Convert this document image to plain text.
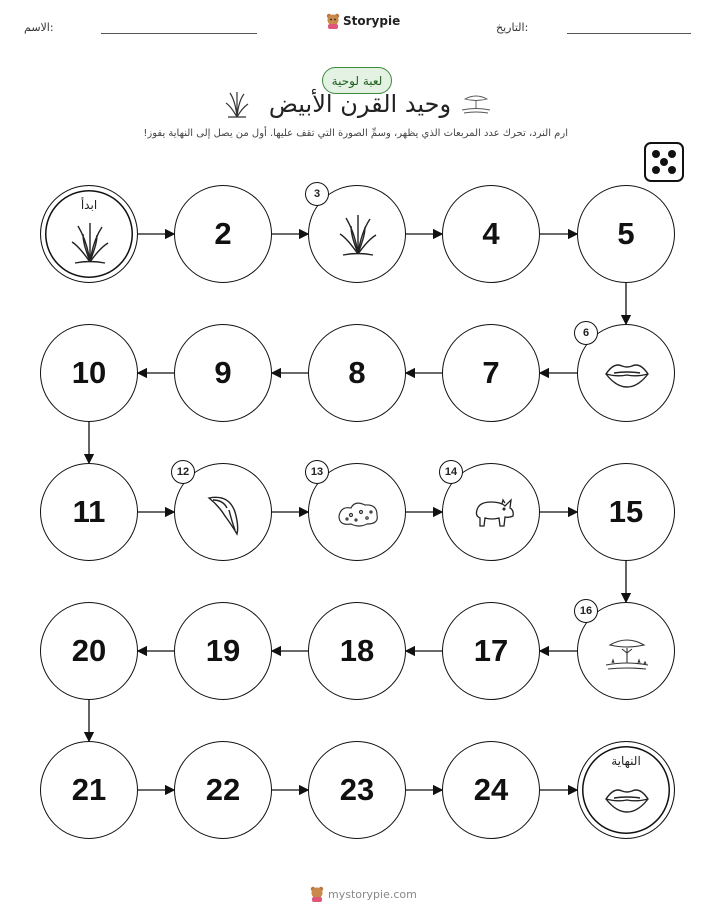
الاسم:	Storypie	التاريخ:
لعبة لوحية
وحيد القرن الأبيض
ارم النرد، تحرك عدد المربعات الذي يظهر، وسمِّ الصورة التي تقف عليها. أول من يصل إلى النهاية يفوز!
ابدأ
2
3
4	5
6
7
8
9
10
11
12	13	14
15
16
17
18
19
20
21	22	23	24
النهاية
mystorypie.com
